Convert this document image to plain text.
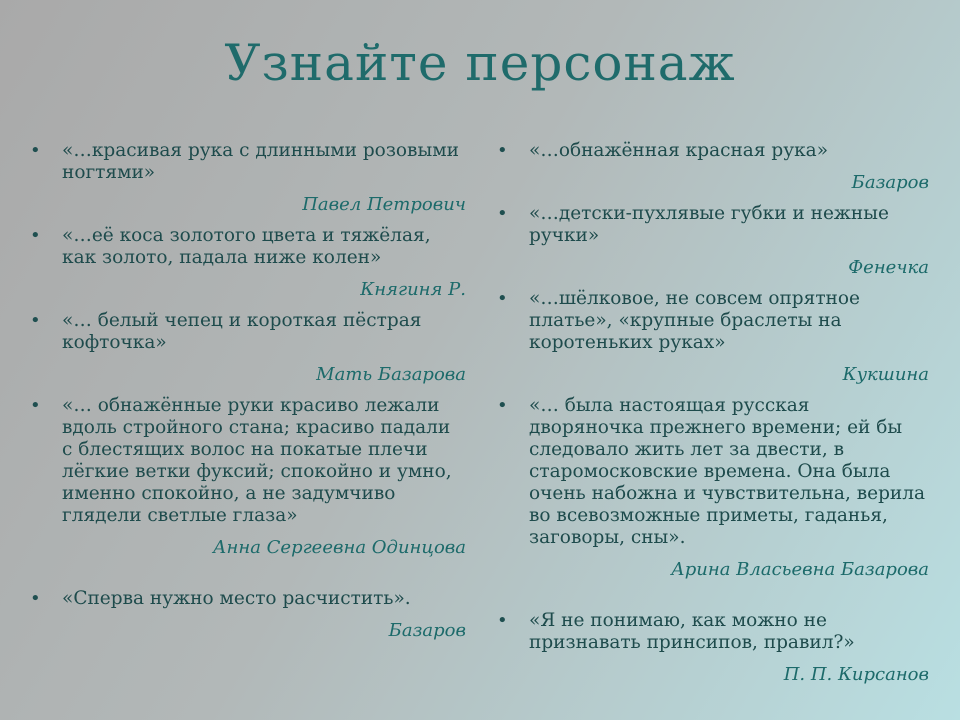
Узнайте персонаж
• «…красивая рука с длинными розовыми ногтями»
Павел Петрович
• «…её коса золотого цвета и тяжёлая, как золото, падала ниже колен»
Княгиня Р.
• «… белый чепец и короткая пёстрая кофточка»
Мать Базарова
• «… обнажённые руки красиво лежали вдоль стройного стана; красиво падали с блестящих волос на покатые плечи лёгкие ветки фуксий; спокойно и умно, именно спокойно, а не задумчиво глядели светлые глаза»
Анна Сергеевна Одинцова
• «Сперва нужно место расчистить».
Базаров
• «…обнажённая красная рука»
Базаров
• «…детски-пухлявые губки и нежные ручки»
Фенечка
• «…шёлковое, не совсем опрятное платье», «крупные браслеты на коротеньких руках»
Кукшина
• «… была настоящая русская дворяночка прежнего времени; ей бы следовало жить лет за двести, в старомосковские времена. Она была очень набожна и чувствительна, верила во всевозможные приметы, гаданья, заговоры, сны».
Арина Власьевна Базарова
• «Я не понимаю, как можно не признавать принсипов, правил?»
П. П. Кирсанов
